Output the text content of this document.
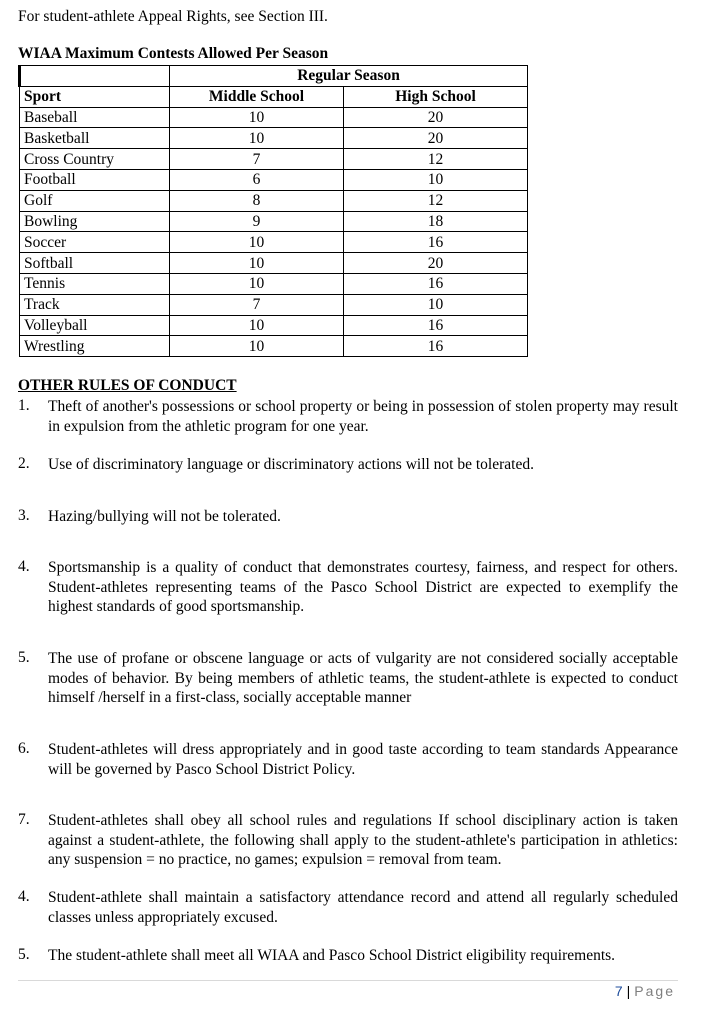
For student-athlete Appeal Rights, see Section III.
WIAA Maximum Contests Allowed Per Season
	Regular Season	
Sport	Middle School	High School
Baseball	10	20
Basketball	10	20
Cross Country	7	12
Football	6	10
Golf	8	12
Bowling	9	18
Soccer	10	16
Softball	10	20
Tennis	10	16
Track	7	10
Volleyball	10	16
Wrestling	10	16
OTHER RULES OF CONDUCT
1.	Theft of another's possessions or school property or being in possession of stolen property may result in expulsion from the athletic program for one year.
2.	Use of discriminatory language or discriminatory actions will not be tolerated.
3.	Hazing/bullying will not be tolerated.
4.	Sportsmanship is a quality of conduct that demonstrates courtesy, fairness, and respect for others. Student-athletes representing teams of the Pasco School District are expected to exemplify the highest standards of good sportsmanship.
5.	The use of profane or obscene language or acts of vulgarity are not considered socially acceptable modes of behavior. By being members of athletic teams, the student-athlete is expected to conduct himself /herself in a first-class, socially acceptable manner
6.	Student-athletes will dress appropriately and in good taste according to team standards Appearance will be governed by Pasco School District Policy.
7.	Student-athletes shall obey all school rules and regulations If school disciplinary action is taken against a student-athlete, the following shall apply to the student-athlete's participation in athletics: any suspension = no practice, no games; expulsion = removal from team.
4.	Student-athlete shall maintain a satisfactory attendance record and attend all regularly scheduled classes unless appropriately excused.
5.	The student-athlete shall meet all WIAA and Pasco School District eligibility requirements.
7 | Page
